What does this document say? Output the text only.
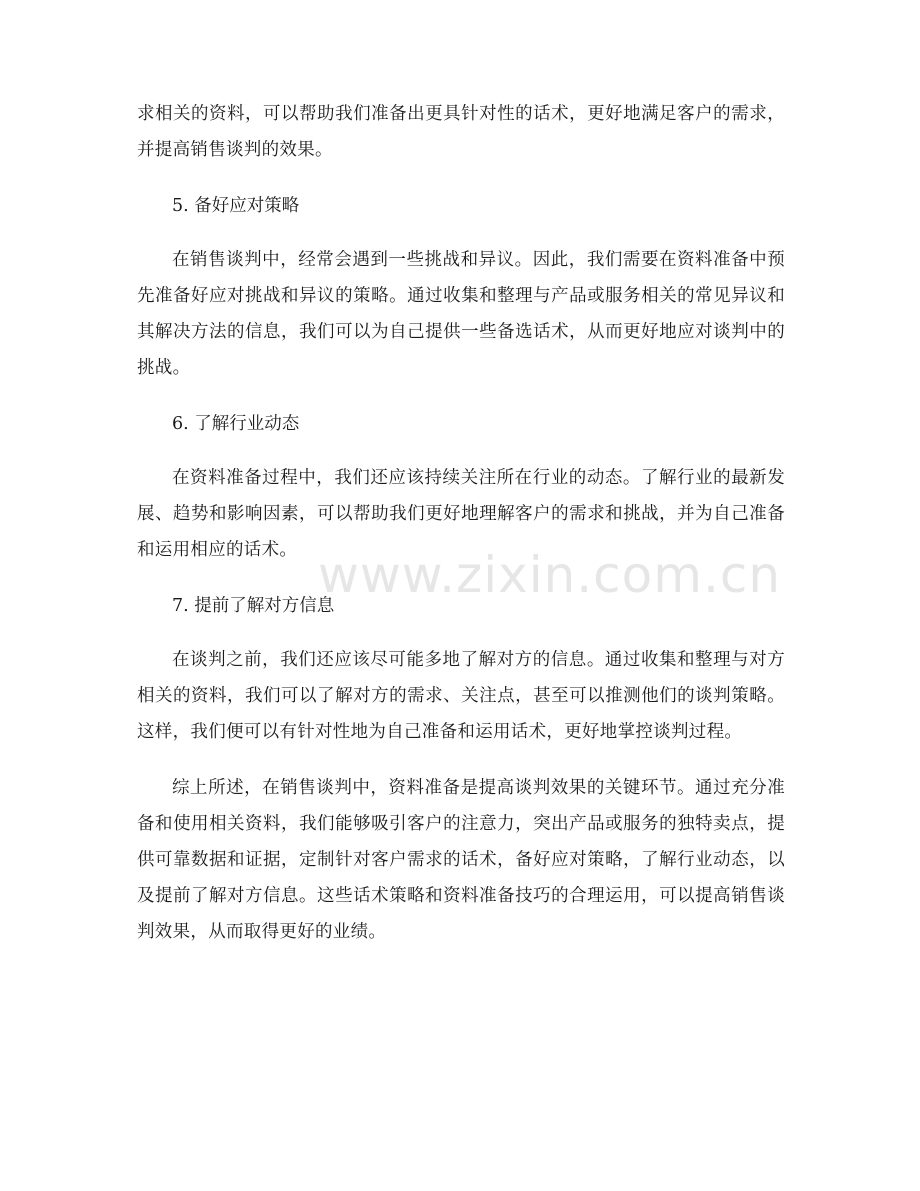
求相关的资料，可以帮助我们准备出更具针对性的话术，更好地满足客户的需求，并提高销售谈判的效果。

5. 备好应对策略

在销售谈判中，经常会遇到一些挑战和异议。因此，我们需要在资料准备中预先准备好应对挑战和异议的策略。通过收集和整理与产品或服务相关的常见异议和其解决方法的信息，我们可以为自己提供一些备选话术，从而更好地应对谈判中的挑战。

6. 了解行业动态

在资料准备过程中，我们还应该持续关注所在行业的动态。了解行业的最新发展、趋势和影响因素，可以帮助我们更好地理解客户的需求和挑战，并为自己准备和运用相应的话术。

7. 提前了解对方信息

在谈判之前，我们还应该尽可能多地了解对方的信息。通过收集和整理与对方相关的资料，我们可以了解对方的需求、关注点，甚至可以推测他们的谈判策略。这样，我们便可以有针对性地为自己准备和运用话术，更好地掌控谈判过程。

综上所述，在销售谈判中，资料准备是提高谈判效果的关键环节。通过充分准备和使用相关资料，我们能够吸引客户的注意力，突出产品或服务的独特卖点，提供可靠数据和证据，定制针对客户需求的话术，备好应对策略，了解行业动态，以及提前了解对方信息。这些话术策略和资料准备技巧的合理运用，可以提高销售谈判效果，从而取得更好的业绩。

www.zixin.com.cn
